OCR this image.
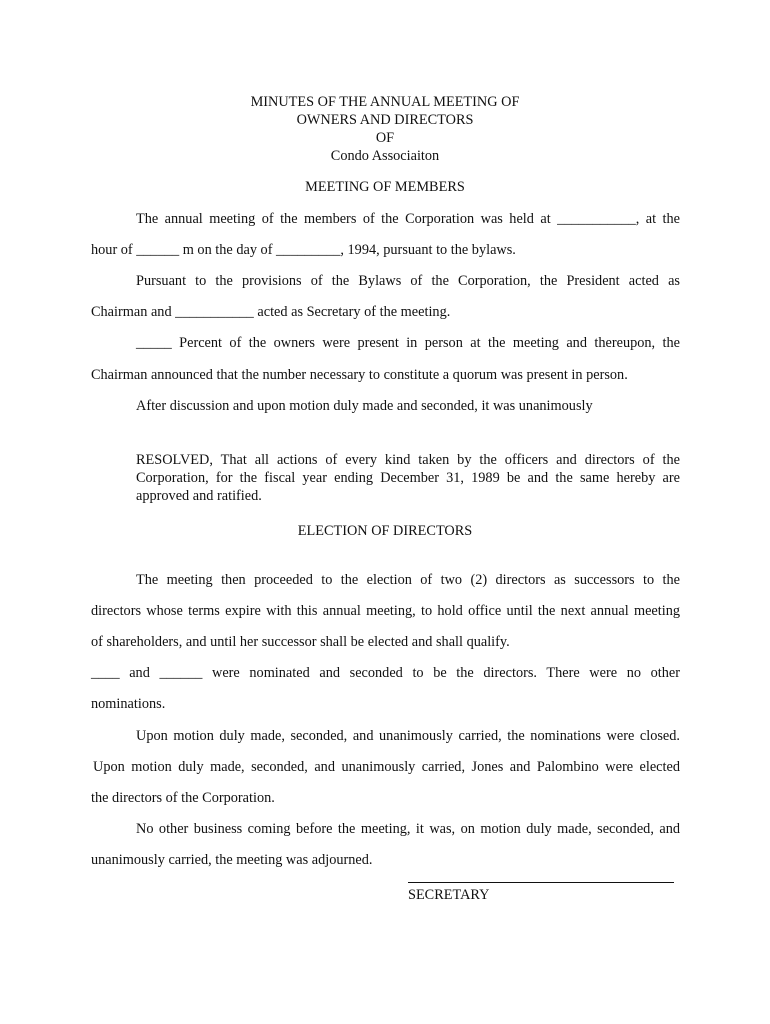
MINUTES OF THE ANNUAL MEETING OF
OWNERS AND DIRECTORS
OF
Condo Associaiton
MEETING OF MEMBERS
The annual meeting of the members of the Corporation was held at ___________, at the
hour of ______ m on the day of _________, 1994, pursuant to the bylaws.
Pursuant to the provisions of the Bylaws of the Corporation, the President acted as
Chairman and ___________ acted as Secretary of the meeting.
_____ Percent of the owners were present in person at the meeting and thereupon, the
Chairman announced that the number necessary to constitute a quorum was present in person.
After discussion and upon motion duly made and seconded, it was unanimously
RESOLVED, That all actions of every kind taken by the officers and directors of the
Corporation, for the fiscal year ending December 31, 1989 be and the same hereby are
approved and ratified.
ELECTION OF DIRECTORS
The meeting then proceeded to the election of two (2) directors as successors to the
directors whose terms expire with this annual meeting, to hold office until the next annual meeting
of shareholders, and until her successor shall be elected and shall qualify.
____ and ______ were nominated and seconded to be the directors. There were no other
nominations.
Upon motion duly made, seconded, and unanimously carried, the nominations were closed.
Upon motion duly made, seconded, and unanimously carried, Jones and Palombino were elected
the directors of the Corporation.
No other business coming before the meeting, it was, on motion duly made, seconded, and
unanimously carried, the meeting was adjourned.
SECRETARY
